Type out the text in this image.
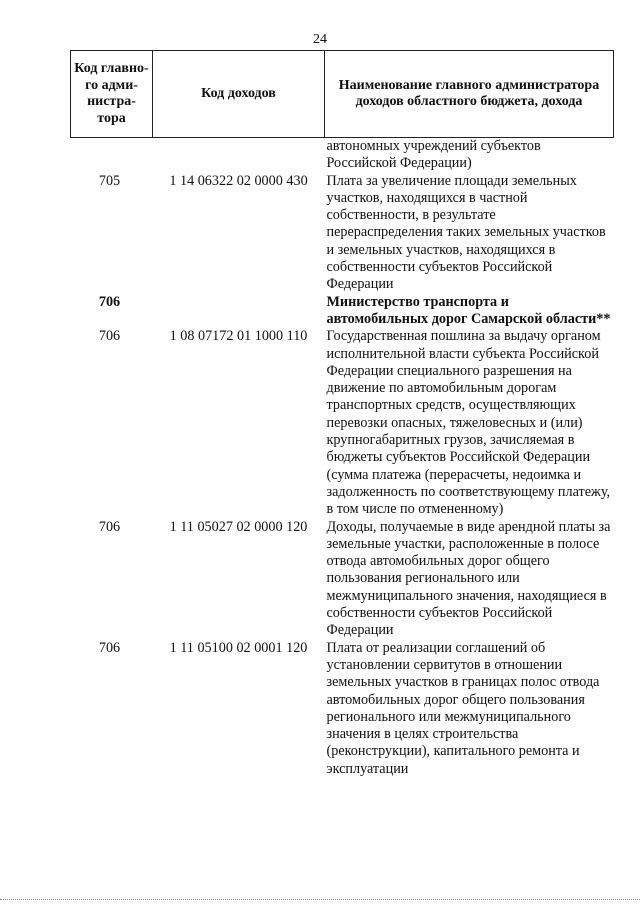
24
Код главно-го адми-нистра-тора	Код доходов	Наименование главного администратора доходов областного бюджета, дохода
		автономных учреждений субъектов Российской Федерации)
705	1 14 06322 02 0000 430	Плата за увеличение площади земельных участков, находящихся в частной собственности, в результате перераспределения таких земельных участков и земельных участков, находящихся в собственности субъектов Российской Федерации
706		Министерство транспорта и автомобильных дорог Самарской области**
706	1 08 07172 01 1000 110	Государственная пошлина за выдачу органом исполнительной власти субъекта Российской Федерации специального разрешения на движение по автомобильным дорогам транспортных средств, осуществляющих перевозки опасных, тяжеловесных и (или) крупногабаритных грузов, зачисляемая в бюджеты субъектов Российской Федерации (сумма платежа (перерасчеты, недоимка и задолженность по соответствующему платежу, в том числе по отмененному)
706	1 11 05027 02 0000 120	Доходы, получаемые в виде арендной платы за земельные участки, расположенные в полосе отвода автомобильных дорог общего пользования регионального или межмуниципального значения, находящиеся в собственности субъектов Российской Федерации
706	1 11 05100 02 0001 120	Плата от реализации соглашений об установлении сервитутов в отношении земельных участков в границах полос отвода автомобильных дорог общего пользования регионального или межмуниципального значения в целях строительства (реконструкции), капитального ремонта и эксплуатации
